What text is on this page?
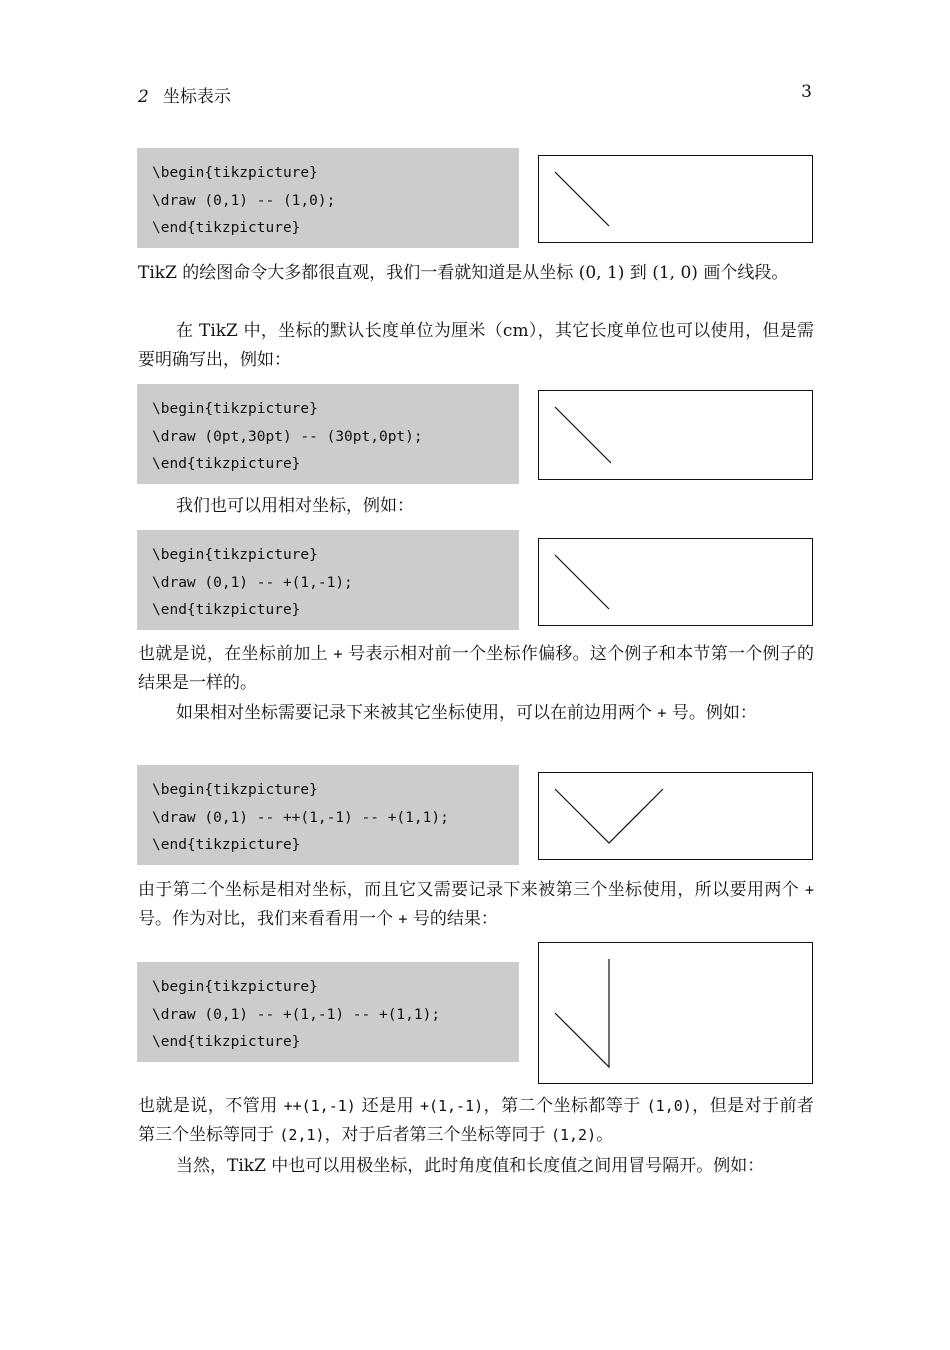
2 坐标表示	3
\begin{tikzpicture}
\draw (0,1) -- (1,0);
\end{tikzpicture}

TikZ 的绘图命令大多都很直观，我们一看就知道是从坐标 (0, 1) 到 (1, 0) 画个线段。

在 TikZ 中，坐标的默认长度单位为厘米（cm），其它长度单位也可以使用，但是需要明确写出，例如：

\begin{tikzpicture}
\draw (0pt,30pt) -- (30pt,0pt);
\end{tikzpicture}

我们也可以用相对坐标，例如：

\begin{tikzpicture}
\draw (0,1) -- +(1,-1);
\end{tikzpicture}

也就是说，在坐标前加上 + 号表示相对前一个坐标作偏移。这个例子和本节第一个例子的结果是一样的。

如果相对坐标需要记录下来被其它坐标使用，可以在前边用两个 + 号。例如：

\begin{tikzpicture}
\draw (0,1) -- ++(1,-1) -- +(1,1);
\end{tikzpicture}

由于第二个坐标是相对坐标，而且它又需要记录下来被第三个坐标使用，所以要用两个 + 号。作为对比，我们来看看用一个 + 号的结果：

\begin{tikzpicture}
\draw (0,1) -- +(1,-1) -- +(1,1);
\end{tikzpicture}

也就是说，不管用 ++(1,-1) 还是用 +(1,-1)，第二个坐标都等于 (1,0)，但是对于前者第三个坐标等同于 (2,1)，对于后者第三个坐标等同于 (1,2)。

当然，TikZ 中也可以用极坐标，此时角度值和长度值之间用冒号隔开。例如：
